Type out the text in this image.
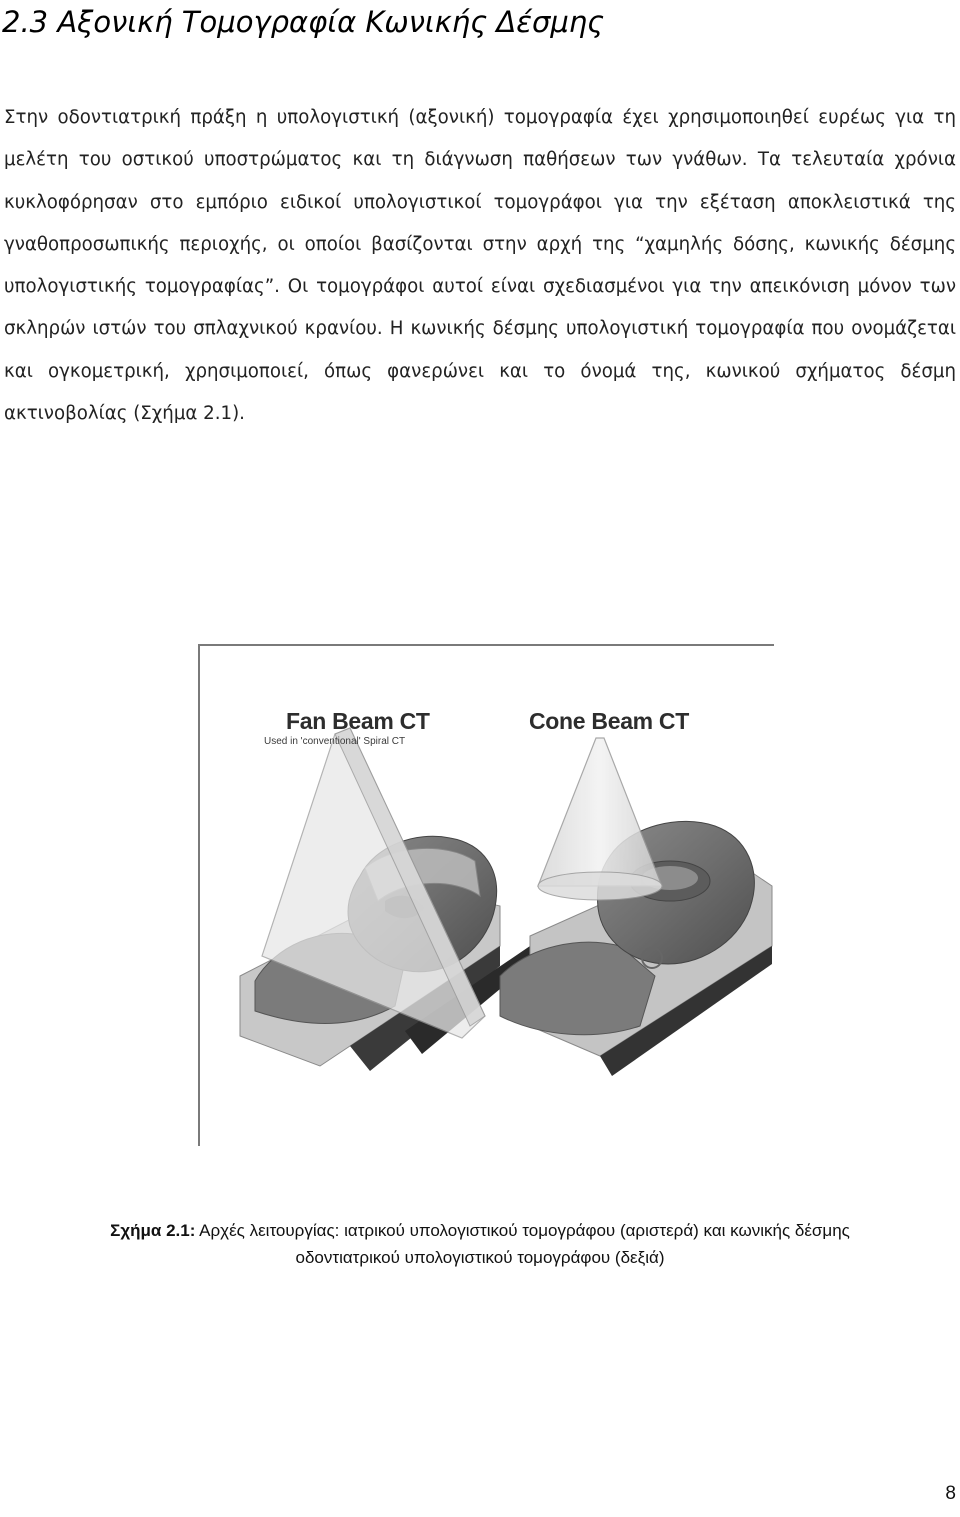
2.3 Αξονική Τομογραφία Κωνικής Δέσμης

Στην οδοντιατρική πράξη η υπολογιστική (αξονική) τομογραφία έχει χρησιμοποιηθεί ευρέως για τη μελέτη του οστικού υποστρώματος και τη διάγνωση παθήσεων των γνάθων. Τα τελευταία χρόνια κυκλοφόρησαν στο εμπόριο ειδικοί υπολογιστικοί τομογράφοι για την εξέταση αποκλειστικά της γναθοπροσωπικής περιοχής, οι οποίοι βασίζονται στην αρχή της “χαμηλής δόσης, κωνικής δέσμης υπολογιστικής τομογραφίας”. Οι τομογράφοι αυτοί είναι σχεδιασμένοι για την απεικόνιση μόνον των σκληρών ιστών του σπλαχνικού κρανίου. Η κωνικής δέσμης υπολογιστική τομογραφία που ονομάζεται και ογκομετρική, χρησιμοποιεί, όπως φανερώνει και το όνομά της, κωνικού σχήματος δέσμη ακτινοβολίας (Σχήμα 2.1).

Fan Beam CT
Used in 'conventional' Spiral CT
Cone Beam CT
Σχήμα 2.1: Αρχές λειτουργίας: ιατρικού υπολογιστικού τομογράφου (αριστερά) και κωνικής δέσμης
οδοντιατρικού υπολογιστικού τομογράφου (δεξιά)
8
